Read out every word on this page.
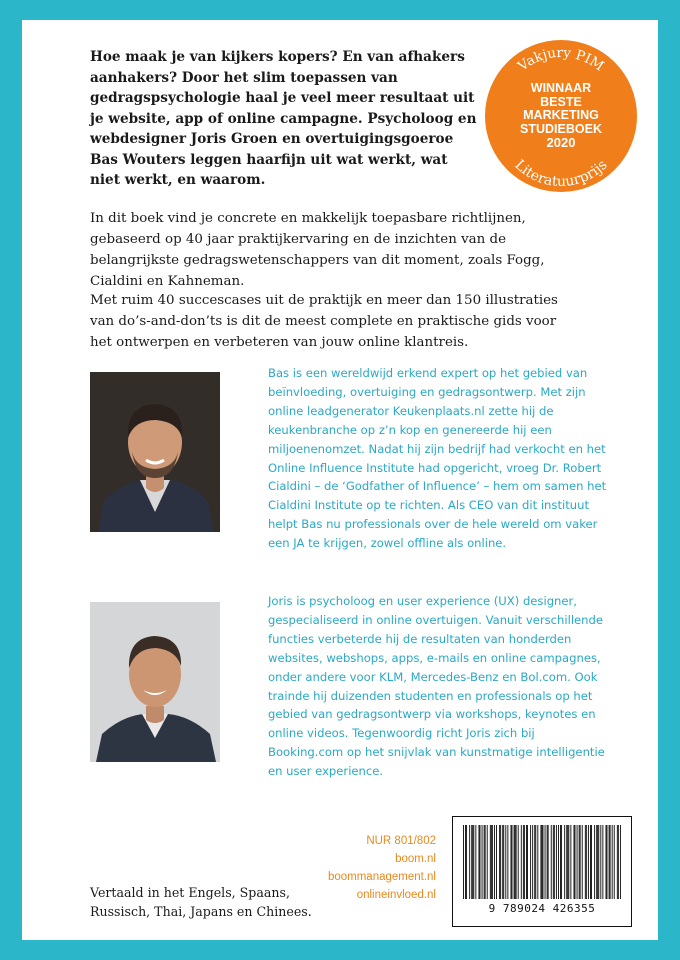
Hoe maak je van kijkers kopers? En van afhakers aanhakers? Door het slim toepassen van gedragspsychologie haal je veel meer resultaat uit je website, app of online campagne. Psycholoog en webdesigner Joris Groen en overtuigingsgoeroe Bas Wouters leggen haarfijn uit wat werkt, wat niet werkt, en waarom.

Vakjury PIM
Literatuurprijs
WINNAAR
BESTE
MARKETING
STUDIEBOEK
2020

In dit boek vind je concrete en makkelijk toepasbare richtlijnen, gebaseerd op 40 jaar praktijkervaring en de inzichten van de belangrijkste gedragswetenschappers van dit moment, zoals Fogg, Cialdini en Kahneman.

Met ruim 40 succescases uit de praktijk en meer dan 150 illustraties van do’s-and-don’ts is dit de meest complete en praktische gids voor het ontwerpen en verbeteren van jouw online klantreis.

Bas is een wereldwijd erkend expert op het gebied van beïnvloeding, overtuiging en gedragsontwerp. Met zijn online leadgenerator Keukenplaats.nl zette hij de keukenbranche op z’n kop en genereerde hij een miljoenenomzet. Nadat hij zijn bedrijf had verkocht en het Online Influence Institute had opgericht, vroeg Dr. Robert Cialdini – de ‘Godfather of Influence’ – hem om samen het Cialdini Institute op te richten. Als CEO van dit instituut helpt Bas nu professionals over de hele wereld om vaker een JA te krijgen, zowel offline als online.

Joris is psycholoog en user experience (UX) designer, gespecialiseerd in online overtuigen. Vanuit verschillende functies verbeterde hij de resultaten van honderden websites, webshops, apps, e-mails en online campagnes, onder andere voor KLM, Mercedes-Benz en Bol.com. Ook trainde hij duizenden studenten en professionals op het gebied van gedragsontwerp via workshops, keynotes en online videos. Tegenwoordig richt Joris zich bij Booking.com op het snijvlak van kunstmatige intelligentie en user experience.

NUR 801/802
boom.nl
boommanagement.nl
onlineinvloed.nl
9 789024 426355
Vertaald in het Engels, Spaans,
Russisch, Thai, Japans en Chinees.
